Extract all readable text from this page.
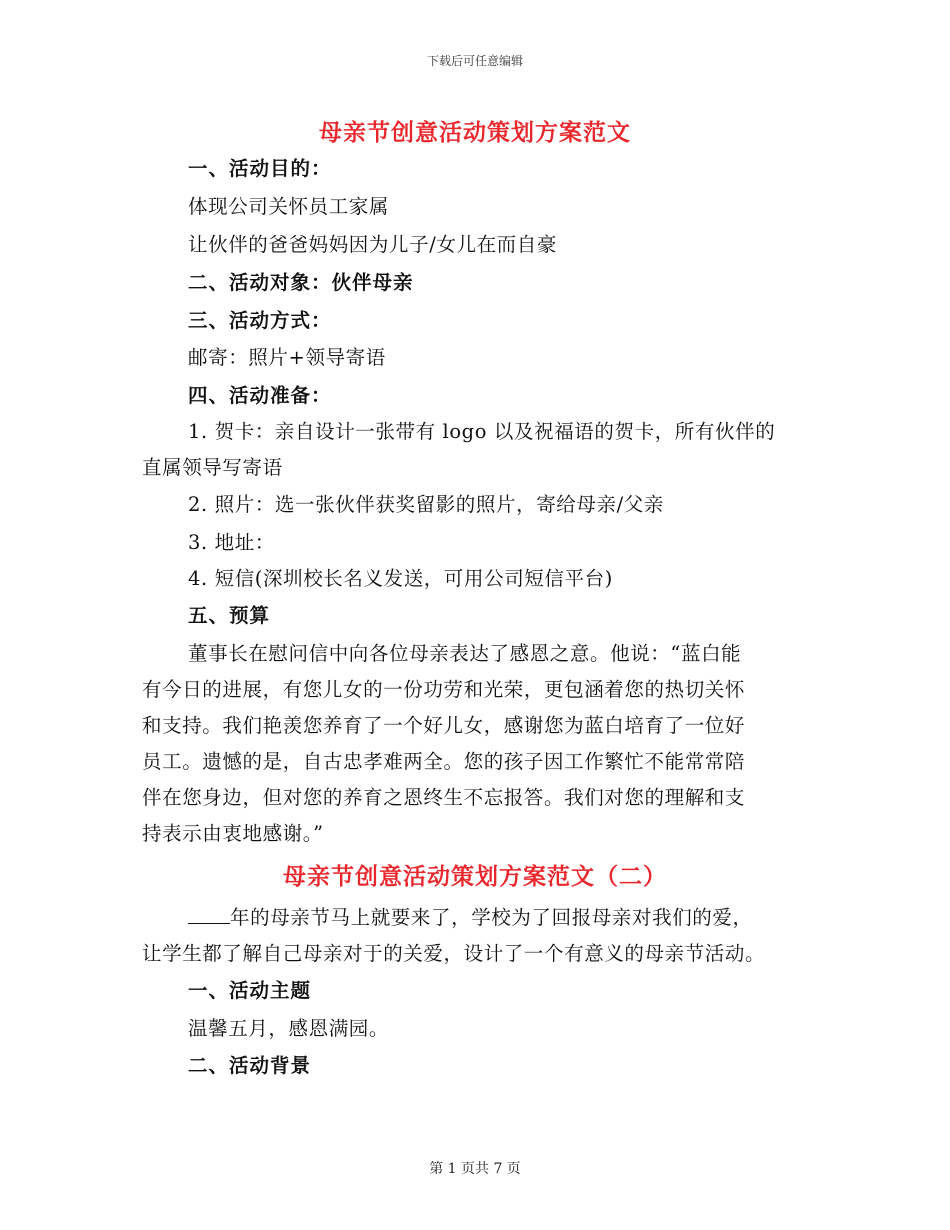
下载后可任意编辑
母亲节创意活动策划方案范文
一、活动目的：
体现公司关怀员工家属
让伙伴的爸爸妈妈因为儿子/女儿在而自豪
二、活动对象：伙伴母亲
三、活动方式：
邮寄：照片+领导寄语
四、活动准备：
1. 贺卡：亲自设计一张带有 logo 以及祝福语的贺卡，所有伙伴的
直属领导写寄语
2. 照片：选一张伙伴获奖留影的照片，寄给母亲/父亲
3. 地址：
4. 短信(深圳校长名义发送，可用公司短信平台)
五、预算
董事长在慰问信中向各位母亲表达了感恩之意。他说：“蓝白能
有今日的进展，有您儿女的一份功劳和光荣，更包涵着您的热切关怀
和支持。我们艳羡您养育了一个好儿女，感谢您为蓝白培育了一位好
员工。遗憾的是，自古忠孝难两全。您的孩子因工作繁忙不能常常陪
伴在您身边，但对您的养育之恩终生不忘报答。我们对您的理解和支
持表示由衷地感谢。”
母亲节创意活动策划方案范文（二）
年的母亲节马上就要来了，学校为了回报母亲对我们的爱，
让学生都了解自己母亲对于的关爱，设计了一个有意义的母亲节活动。
一、活动主题
温馨五月，感恩满园。
二、活动背景
第 1 页共 7 页
